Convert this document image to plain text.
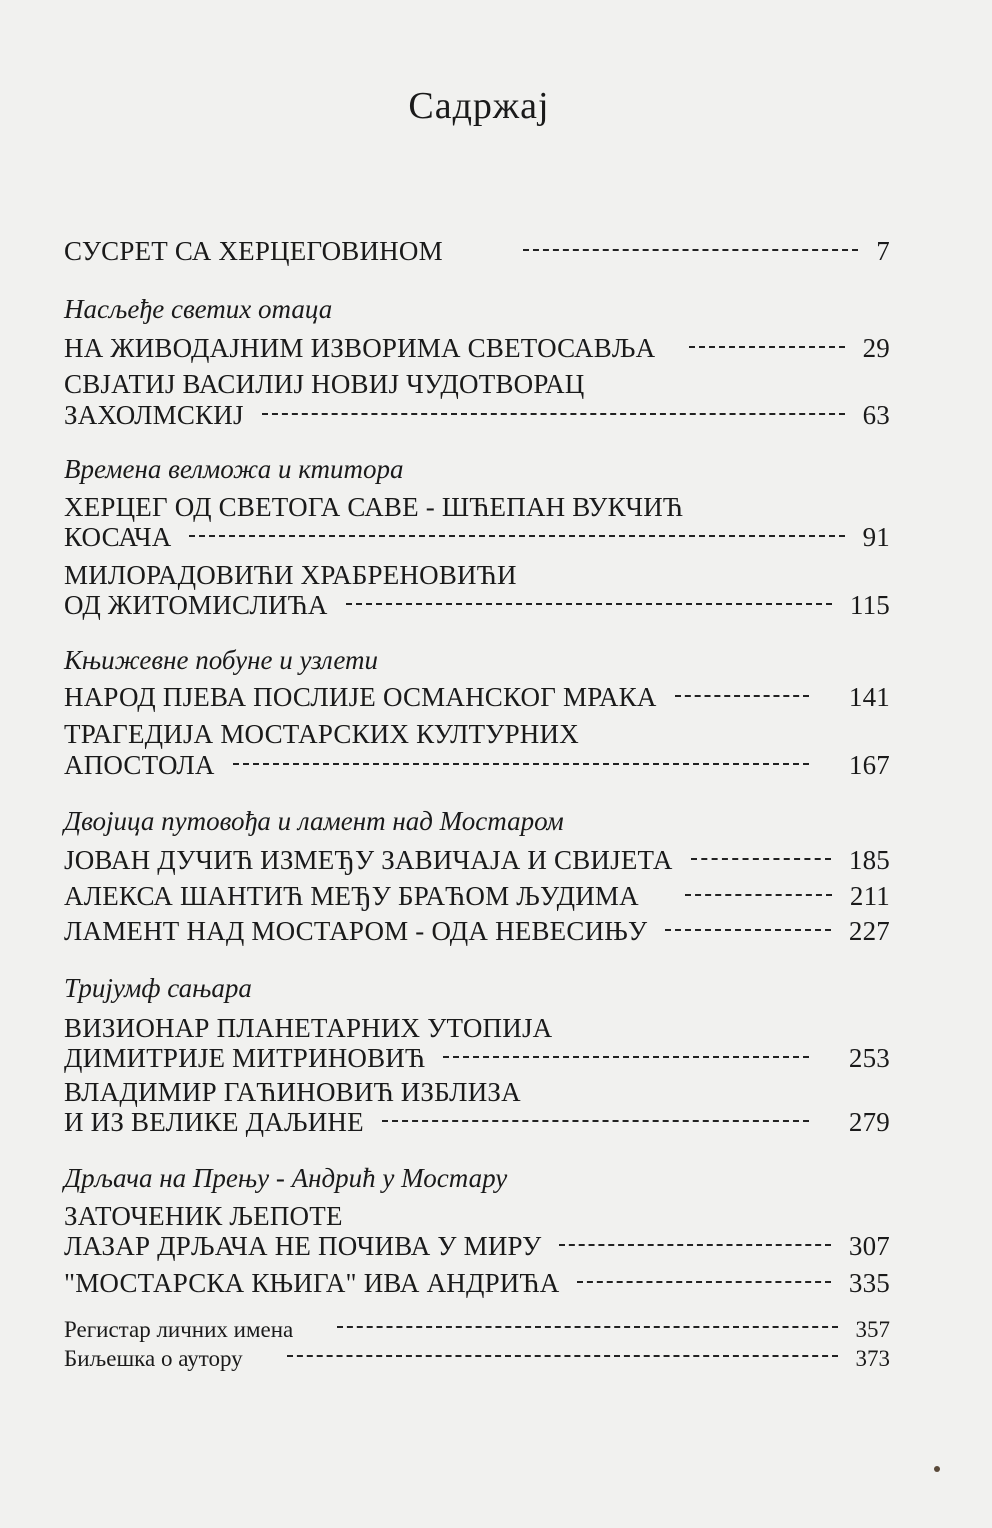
Садржај
СУСРЕТ СА ХЕРЦЕГОВИНОМ	7
Насљеђе светих отаца
НА ЖИВОДАЈНИМ ИЗВОРИМА СВЕТОСАВЉА	29
СВЈАТИЈ ВАСИЛИЈ НОВИЈ ЧУДОТВОРАЦ
ЗАХОЛМСКИЈ	63
Времена велможа и ктитора
ХЕРЦЕГ ОД СВЕТОГА САВЕ - ШЋЕПАН ВУКЧИЋ
КОСАЧА	91
МИЛОРАДОВИЋИ ХРАБРЕНОВИЋИ
ОД ЖИТОМИСЛИЋА	115
Књижевне побуне и узлети
НАРОД ПЈЕВА ПОСЛИЈЕ ОСМАНСКОГ МРАКА	141
ТРАГЕДИЈА МОСТАРСКИХ КУЛТУРНИХ
АПОСТОЛА	167
Двојица путовођа и ламент над Мостаром
ЈОВАН ДУЧИЋ ИЗМЕЂУ ЗАВИЧАЈА И СВИЈЕТА	185
АЛЕКСА ШАНТИЋ МЕЂУ БРАЋОМ ЉУДИМА	211
ЛАМЕНТ НАД МОСТАРОМ - ОДА НЕВЕСИЊУ	227
Тријумф сањара
ВИЗИОНАР ПЛАНЕТАРНИХ УТОПИЈА
ДИМИТРИЈЕ МИТРИНОВИЋ	253
ВЛАДИМИР ГАЋИНОВИЋ ИЗБЛИЗА
И ИЗ ВЕЛИКЕ ДАЉИНЕ	279
Дрљача на Прењу - Андрић у Мостару
ЗАТОЧЕНИК ЉЕПОТЕ
ЛАЗАР ДРЉАЧА НЕ ПОЧИВА У МИРУ	307
"МОСТАРСКА КЊИГА" ИВА АНДРИЋА	335
Регистар личних имена	357
Биљешка о аутору	373
